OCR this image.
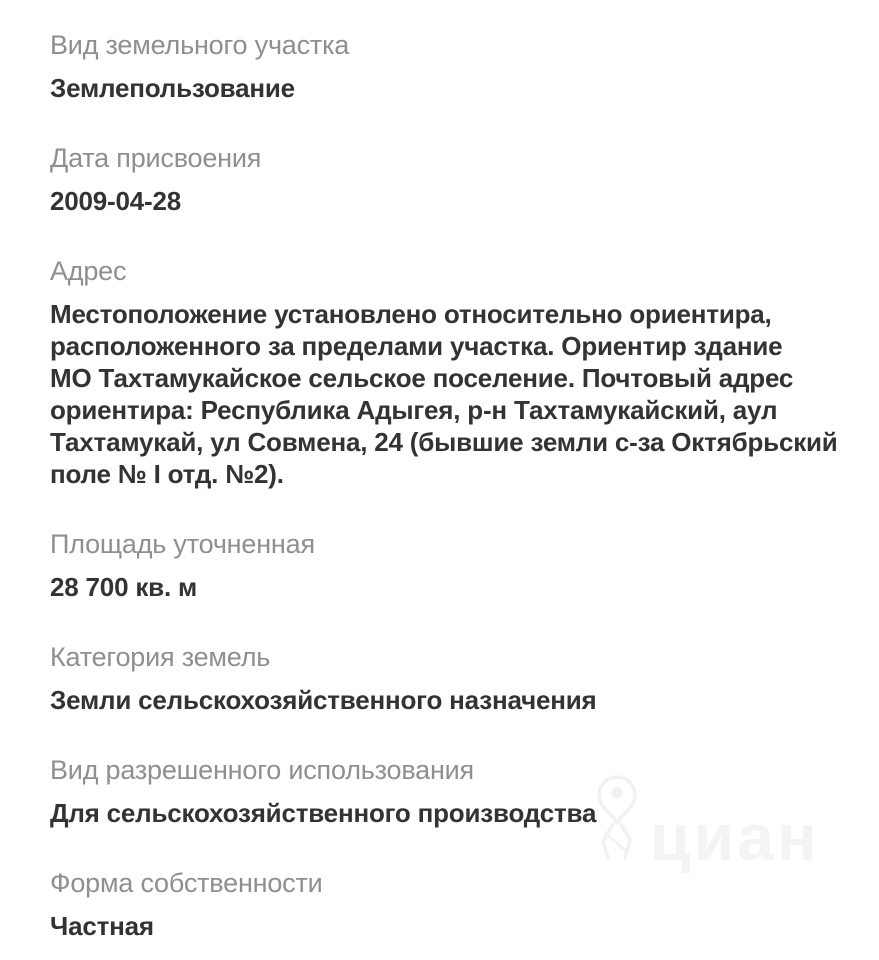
циан
Вид земельного участка
Землепользование
Дата присвоения
2009-04-28
Адрес
Местоположение установлено относительно ориентира,
расположенного за пределами участка. Ориентир здание
МО Тахтамукайское сельское поселение. Почтовый адрес
ориентира: Республика Адыгея, р-н Тахтамукайский, аул
Тахтамукай, ул Совмена, 24 (бывшие земли с-за Октябрьский
поле № I отд. №2).
Площадь уточненная
28 700 кв. м
Категория земель
Земли сельскохозяйственного назначения
Вид разрешенного использования
Для сельскохозяйственного производства
Форма собственности
Частная
